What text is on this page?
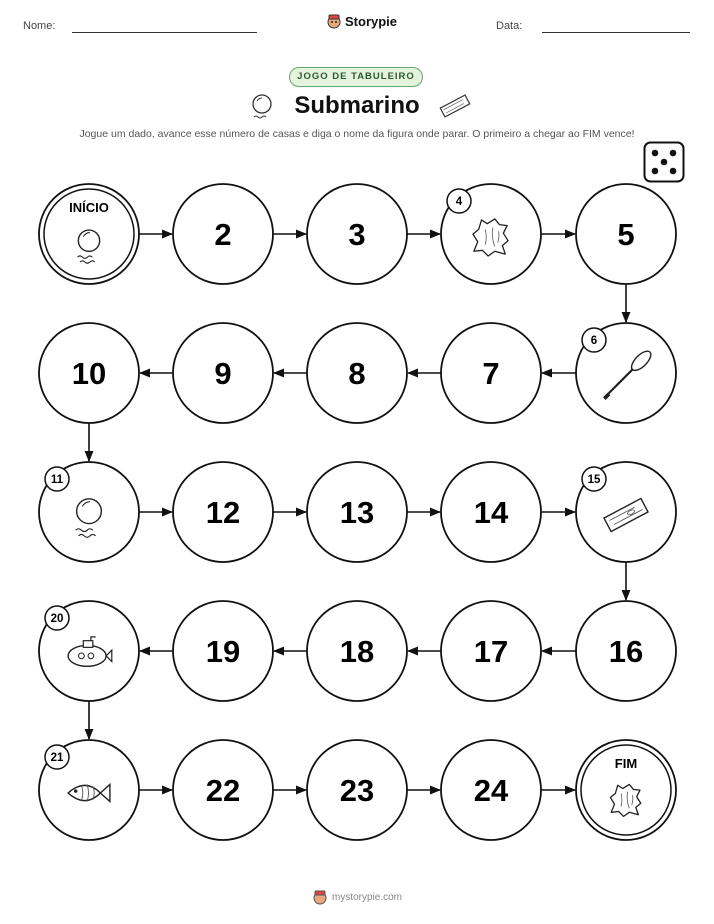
Nome:	Storypie	Data:
JOGO DE TABULEIRO
Submarino
Jogue um dado, avance esse número de casas e diga o nome da figura onde parar. O primeiro a chegar ao FIM vence!
INÍCIO
2	3
4
5
6
7
8
9
10
11
12	13	14
15
16
17
18
19
20
21
22	23	24
FIM
mystorypie.com
